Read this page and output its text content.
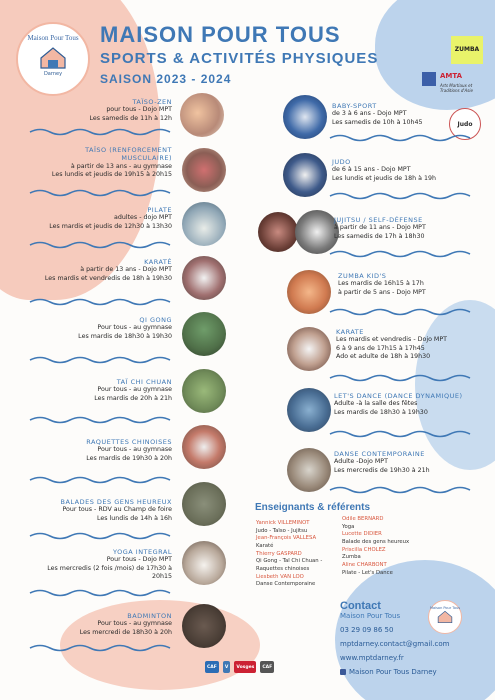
Maison Pour Tous
Darney
MAISON POUR TOUS
SPORTS & ACTIVITÉS PHYSIQUES
SAISON 2023 - 2024
ZUMBA
AMTA
Arts Martiaux et Traditions d'Asie
Judo
TAÏSO-ZEN
pour tous - Dojo MPT
Les samedis de 11h à 12h
TAÏSO (RENFORCEMENT MUSCULAIRE)
à partir de 13 ans - au gymnase
Les lundis et jeudis de 19h15 à 20h15
PILATE
adultes - dojo MPT
Les mardis et jeudis de 12h30 à 13h30
KARATÉ
à partir de 13 ans - Dojo MPT
Les mardis et vendredis de 18h à 19h30
QI GONG
Pour tous - au gymnase
Les mardis de 18h30 à 19h30
TAÏ CHI CHUAN
Pour tous - au gymnase
Les mardis de 20h à 21h
RAQUETTES CHINOISES
Pour tous - au gymnase
Les mardis de 19h30 à 20h
BALADES DES GENS HEUREUX
Pour tous - RDV au Champ de foire
Les lundis de 14h à 16h
YOGA INTEGRAL
Pour tous - Dojo MPT
Les mercredis (2 fois /mois) de 17h30 à
20h15
BADMINTON
Pour tous - au gymnase
Les mercredi de 18h30 à 20h
BABY-SPORT
de 3 à 6 ans - Dojo MPT
Les samedis de 10h à 10h45
JUDO
de 6 à 15 ans - Dojo MPT
Les lundis et jeudis de 18h à 19h
JUJITSU / SELF-DÉFENSE
à partir de 11 ans - Dojo MPT
Les samedis de 17h à 18h30
ZUMBA KID'S
Les mardis de 16h15 à 17h
à partir de 5 ans - Dojo MPT
KARATE
Les mardis et vendredis - Dojo MPT
6 à 9 ans de 17h15 à 17h45
Ado et adulte de 18h à 19h30
LET'S DANCE (DANCE DYNAMIQUE)
Adulte -à la salle des fêtes
Les mardis de 18h30 à 19h30
DANSE CONTEMPORAINE
Adulte -Dojo MPT
Les mercredis de 19h30 à 21h
Enseignants & référents
Yannick VILLEMINOT
Judo - Taïso - Jujitsu
Jean-François VALLESA
Karaté
Thierry GASPARD
Qi Gong - Taï Chi Chuan - Raquettes chinoises
Liesbeth VAN LOO
Danse Contemporaine
Odile BERNARD
Yoga
Lucette DIDIER
Balade des gens heureux
Priscilla CHOLEZ
Zumba
Aline CHARBONT
Pilate - Let's Dance
Contact
Maison Pour Tous
03 29 09 86 50
mptdarney.contact@gmail.com
www.mptdarney.fr
Maison Pour Tous Darney
Maison Pour Tous
CAF	V	Vosges	CAF
